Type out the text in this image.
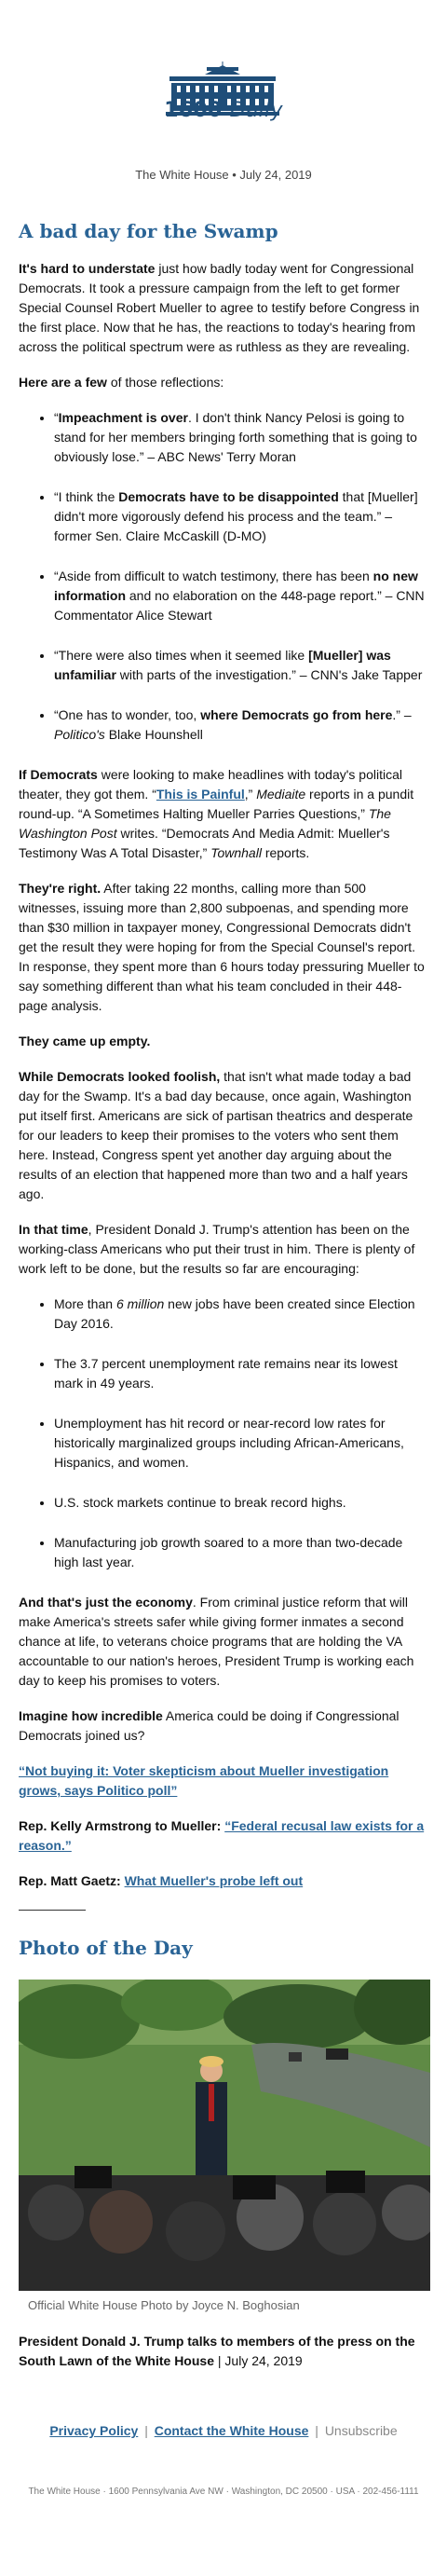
1600 Daily
The White House • July 24, 2019
A bad day for the Swamp

It's hard to understate just how badly today went for Congressional Democrats. It took a pressure campaign from the left to get former Special Counsel Robert Mueller to agree to testify before Congress in the first place. Now that he has, the reactions to today's hearing from across the political spectrum were as ruthless as they are revealing.

Here are a few of those reflections:

• “Impeachment is over. I don't think Nancy Pelosi is going to stand for her members bringing forth something that is going to obviously lose.” – ABC News' Terry Moran
• “I think the Democrats have to be disappointed that [Mueller] didn't more vigorously defend his process and the team.” – former Sen. Claire McCaskill (D-MO)
• “Aside from difficult to watch testimony, there has been no new information and no elaboration on the 448-page report.” – CNN Commentator Alice Stewart
• “There were also times when it seemed like [Mueller] was unfamiliar with parts of the investigation.” – CNN's Jake Tapper
• “One has to wonder, too, where Democrats go from here.” – Politico's Blake Hounshell

If Democrats were looking to make headlines with today's political theater, they got them. “This is Painful,” Mediaite reports in a pundit round-up. “A Sometimes Halting Mueller Parries Questions,” The Washington Post writes. “Democrats And Media Admit: Mueller's Testimony Was A Total Disaster,” Townhall reports.

They're right. After taking 22 months, calling more than 500 witnesses, issuing more than 2,800 subpoenas, and spending more than $30 million in taxpayer money, Congressional Democrats didn't get the result they were hoping for from the Special Counsel's report. In response, they spent more than 6 hours today pressuring Mueller to say something different than what his team concluded in their 448-page analysis.

They came up empty.

While Democrats looked foolish, that isn't what made today a bad day for the Swamp. It's a bad day because, once again, Washington put itself first. Americans are sick of partisan theatrics and desperate for our leaders to keep their promises to the voters who sent them here. Instead, Congress spent yet another day arguing about the results of an election that happened more than two and a half years ago.

In that time, President Donald J. Trump's attention has been on the working-class Americans who put their trust in him. There is plenty of work left to be done, but the results so far are encouraging:

• More than 6 million new jobs have been created since Election Day 2016.
• The 3.7 percent unemployment rate remains near its lowest mark in 49 years.
• Unemployment has hit record or near-record low rates for historically marginalized groups including African-Americans, Hispanics, and women.
• U.S. stock markets continue to break record highs.
• Manufacturing job growth soared to a more than two-decade high last year.

And that's just the economy. From criminal justice reform that will make America's streets safer while giving former inmates a second chance at life, to veterans choice programs that are holding the VA accountable to our nation's heroes, President Trump is working each day to keep his promises to voters.

Imagine how incredible America could be doing if Congressional Democrats joined us?

“Not buying it: Voter skepticism about Mueller investigation grows, says Politico poll”

Rep. Kelly Armstrong to Mueller: “Federal recusal law exists for a reason.”

Rep. Matt Gaetz: What Mueller's probe left out

Photo of the Day
Official White House Photo by Joyce N. Boghosian

President Donald J. Trump talks to members of the press on the South Lawn of the White House | July 24, 2019

Privacy Policy | Contact the White House | Unsubscribe
The White House · 1600 Pennsylvania Ave NW · Washington, DC 20500 · USA · 202-456-1111
